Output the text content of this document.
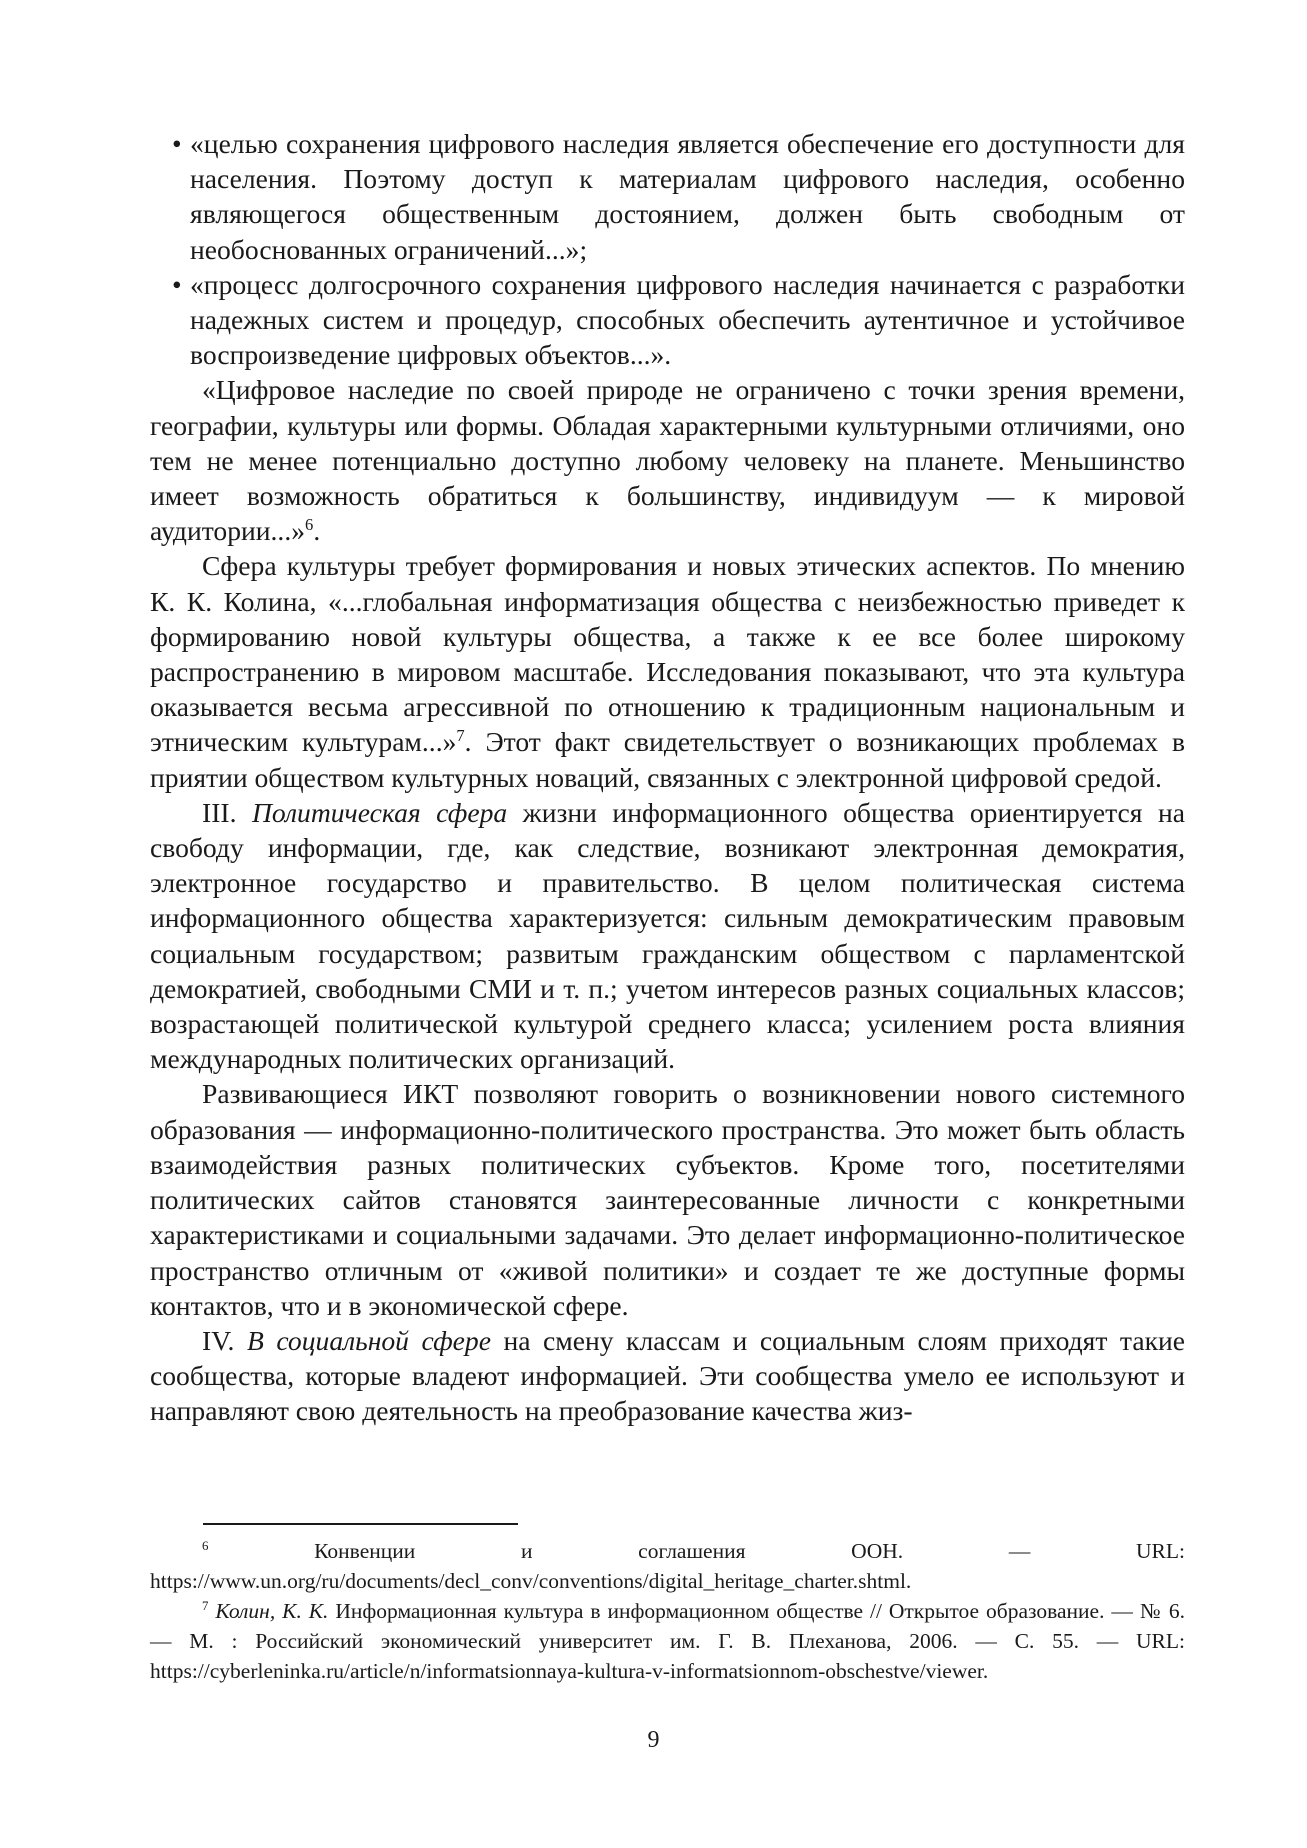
• «целью сохранения цифрового наследия является обеспечение его доступности для населения. Поэтому доступ к материалам цифрового наследия, особенно являющегося общественным достоянием, должен быть свободным от необоснованных ограничений...»;

• «процесс долгосрочного сохранения цифрового наследия начинается с разработки надежных систем и процедур, способных обеспечить аутентичное и устойчивое воспроизведение цифровых объектов...».

«Цифровое наследие по своей природе не ограничено с точки зрения времени, географии, культуры или формы. Обладая характерными культурными отличиями, оно тем не менее потенциально доступно любому человеку на планете. Меньшинство имеет возможность обратиться к большинству, индивидуум — к мировой аудитории...»$^6$.

Сфера культуры требует формирования и новых этических аспектов. По мнению К. К. Колина, «...глобальная информатизация общества с неизбежностью приведет к формированию новой культуры общества, а также к ее все более широкому распространению в мировом масштабе. Исследования показывают, что эта культура оказывается весьма агрессивной по отношению к традиционным национальным и этническим культурам...»$^7$. Этот факт свидетельствует о возникающих проблемах в приятии обществом культурных новаций, связанных с электронной цифровой средой.

III. Политическая сфера жизни информационного общества ориентируется на свободу информации, где, как следствие, возникают электронная демократия, электронное государство и правительство. В целом политическая система информационного общества характеризуется: сильным демократическим правовым социальным государством; развитым гражданским обществом с парламентской демократией, свободными СМИ и т. п.; учетом интересов разных социальных классов; возрастающей политической культурой среднего класса; усилением роста влияния международных политических организаций.

Развивающиеся ИКТ позволяют говорить о возникновении нового системного образования — информационно-политического пространства. Это может быть область взаимодействия разных политических субъектов. Кроме того, посетителями политических сайтов становятся заинтересованные личности с конкретными характеристиками и социальными задачами. Это делает информационно-политическое пространство отличным от «живой политики» и создает те же доступные формы контактов, что и в экономической сфере.

IV. В социальной сфере на смену классам и социальным слоям приходят такие сообщества, которые владеют информацией. Эти сообщества умело ее используют и направляют свою деятельность на преобразование качества жиз-

$^6$ Конвенции и соглашения ООН. — URL: https://www.un.org/ru/documents/decl_conv/conventions/digital_heritage_charter.shtml.

$^7$ Колин, К. К. Информационная культура в информационном обществе // Открытое образование. — № 6. — М. : Российский экономический университет им. Г. В. Плеханова, 2006. — С. 55. — URL: https://cyberleninka.ru/article/n/informatsionnaya-kultura-v-informatsionnom-obschestve/viewer.

9
